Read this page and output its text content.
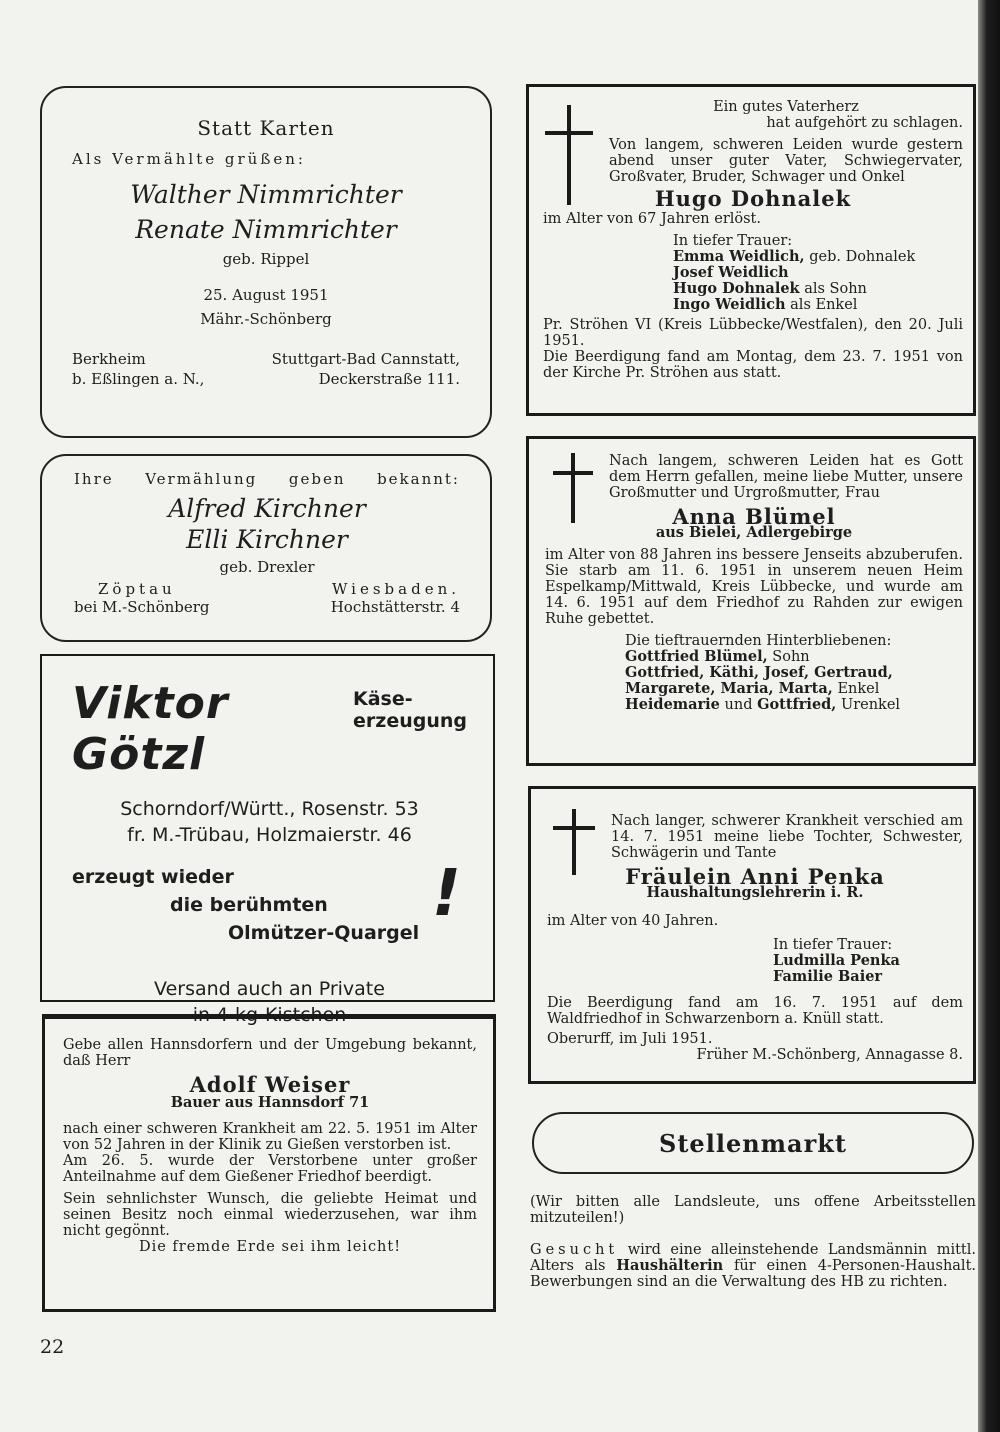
Statt Karten

Als Vermählte grüßen:

Walther Nimmrichter

Renate Nimmrichter

geb. Rippel

25. August 1951

Mähr.-Schönberg

Berkheim	Stuttgart-Bad Cannstatt,
b. Eßlingen a. N.,	Deckerstraße 111.

Ihre Vermählung geben bekannt:

Alfred Kirchner

Elli Kirchner

geb. Drexler

Zöptau	Wiesbaden.
bei M.-Schönberg	Hochstätterstr. 4
Viktor Götzl

Käse-

erzeugung

Schorndorf/Württ., Rosenstr. 53

fr. M.-Trübau, Holzmaierstr. 46

erzeugt wieder

die berühmten

Olmützer-Quargel

!

Versand auch an Private

in 4-kg-Kistchen

Gebe allen Hannsdorfern und der Umgebung bekannt, daß Herr

Adolf Weiser

Bauer aus Hannsdorf 71

nach einer schweren Krankheit am 22. 5. 1951 im Alter von 52 Jahren in der Klinik zu Gießen verstorben ist.

Am 26. 5. wurde der Verstorbene unter großer Anteilnahme auf dem Gießener Friedhof beerdigt.

Sein sehnlichster Wunsch, die geliebte Heimat und seinen Besitz noch einmal wiederzusehen, war ihm nicht gegönnt.

Die fremde Erde sei ihm leicht!

22

Ein gutes Vaterherz

hat aufgehört zu schlagen.

Von langem, schweren Leiden wurde gestern abend unser guter Vater, Schwiegervater, Großvater, Bruder, Schwager und Onkel

Hugo Dohnalek

im Alter von 67 Jahren erlöst.

In tiefer Trauer:

Emma Weidlich, geb. Dohnalek

Josef Weidlich

Hugo Dohnalek als Sohn

Ingo Weidlich als Enkel

Pr. Ströhen VI (Kreis Lübbecke/Westfalen), den 20. Juli 1951.

Die Beerdigung fand am Montag, dem 23. 7. 1951 von der Kirche Pr. Ströhen aus statt.

Nach langem, schweren Leiden hat es Gott dem Herrn gefallen, meine liebe Mutter, unsere Großmutter und Urgroßmutter, Frau

Anna Blümel

aus Bielei, Adlergebirge

im Alter von 88 Jahren ins bessere Jenseits abzuberufen. Sie starb am 11. 6. 1951 in unserem neuen Heim Espelkamp/Mittwald, Kreis Lübbecke, und wurde am 14. 6. 1951 auf dem Friedhof zu Rahden zur ewigen Ruhe gebettet.

Die tieftrauernden Hinterbliebenen:

Gottfried Blümel, Sohn

Gottfried, Käthi, Josef, Gertraud,

Margarete, Maria, Marta, Enkel

Heidemarie und Gottfried, Urenkel

Nach langer, schwerer Krankheit verschied am 14. 7. 1951 meine liebe Tochter, Schwester, Schwägerin und Tante

Fräulein Anni Penka

Haushaltungslehrerin i. R.

im Alter von 40 Jahren.

In tiefer Trauer:

Ludmilla Penka

Familie Baier

Die Beerdigung fand am 16. 7. 1951 auf dem Waldfriedhof in Schwarzenborn a. Knüll statt.

Oberurff, im Juli 1951.

Früher M.-Schönberg, Annagasse 8.

Stellenmarkt

(Wir bitten alle Landsleute, uns offene Arbeitsstellen mitzuteilen!)

Gesucht wird eine alleinstehende Landsmännin mittl. Alters als Haushälterin für einen 4-Personen-Haushalt. Bewerbungen sind an die Verwaltung des HB zu richten.
